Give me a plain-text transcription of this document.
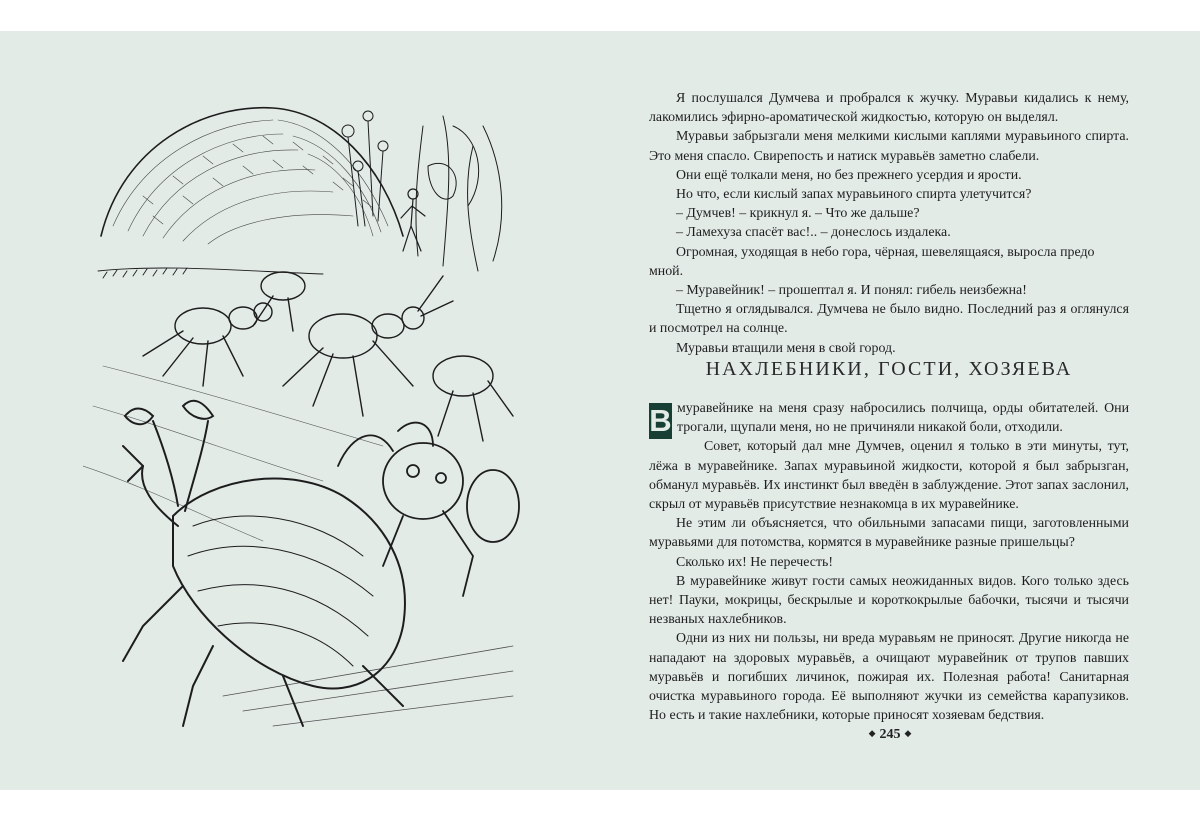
Я послушался Думчева и пробрался к жучку. Муравьи кидались к нему, лакомились эфирно-ароматической жидкостью, которую он выделял.

Муравьи забрызгали меня мелкими кислыми каплями муравьиного спирта. Это меня спасло. Свирепость и натиск муравьёв заметно слабели.

Они ещё толкали меня, но без прежнего усердия и ярости.

Но что, если кислый запах муравьиного спирта улетучится?

– Думчев! – крикнул я. – Что же дальше?

– Ламехуза спасёт вас!.. – донеслось издалека.

Огромная, уходящая в небо гора, чёрная, шевелящаяся, выросла предо мной.

– Муравейник! – прошептал я. И понял: гибель неизбежна!

Тщетно я оглядывался. Думчева не было видно. Последний раз я оглянулся и посмотрел на солнце.

Муравьи втащили меня в свой город.

НАХЛЕБНИКИ, ГОСТИ, ХОЗЯЕВА

В муравейнике на меня сразу набросились полчища, орды обитателей. Они трогали, щупали меня, но не причиняли никакой боли, отходили.

Совет, который дал мне Думчев, оценил я только в эти минуты, тут, лёжа в муравейнике. Запах муравьиной жидкости, которой я был забрызган, обманул муравьёв. Их инстинкт был введён в заблуждение. Этот запах заслонил, скрыл от муравьёв присутствие незнакомца в их муравейнике.

Не этим ли объясняется, что обильными запасами пищи, заготовленными муравьями для потомства, кормятся в муравейнике разные пришельцы?

Сколько их! Не перечесть!

В муравейнике живут гости самых неожиданных видов. Кого только здесь нет! Пауки, мокрицы, бескрылые и короткокрылые бабочки, тысячи и тысячи незваных нахлебников.

Одни из них ни пользы, ни вреда муравьям не приносят. Другие никогда не нападают на здоровых муравьёв, а очищают муравейник от трупов павших муравьёв и погибших личинок, пожирая их. Полезная работа! Санитарная очистка муравьиного города. Её выполняют жучки из семейства карапузиков. Но есть и такие нахлебники, которые приносят хозяевам бедствия.

◆ 245 ◆
